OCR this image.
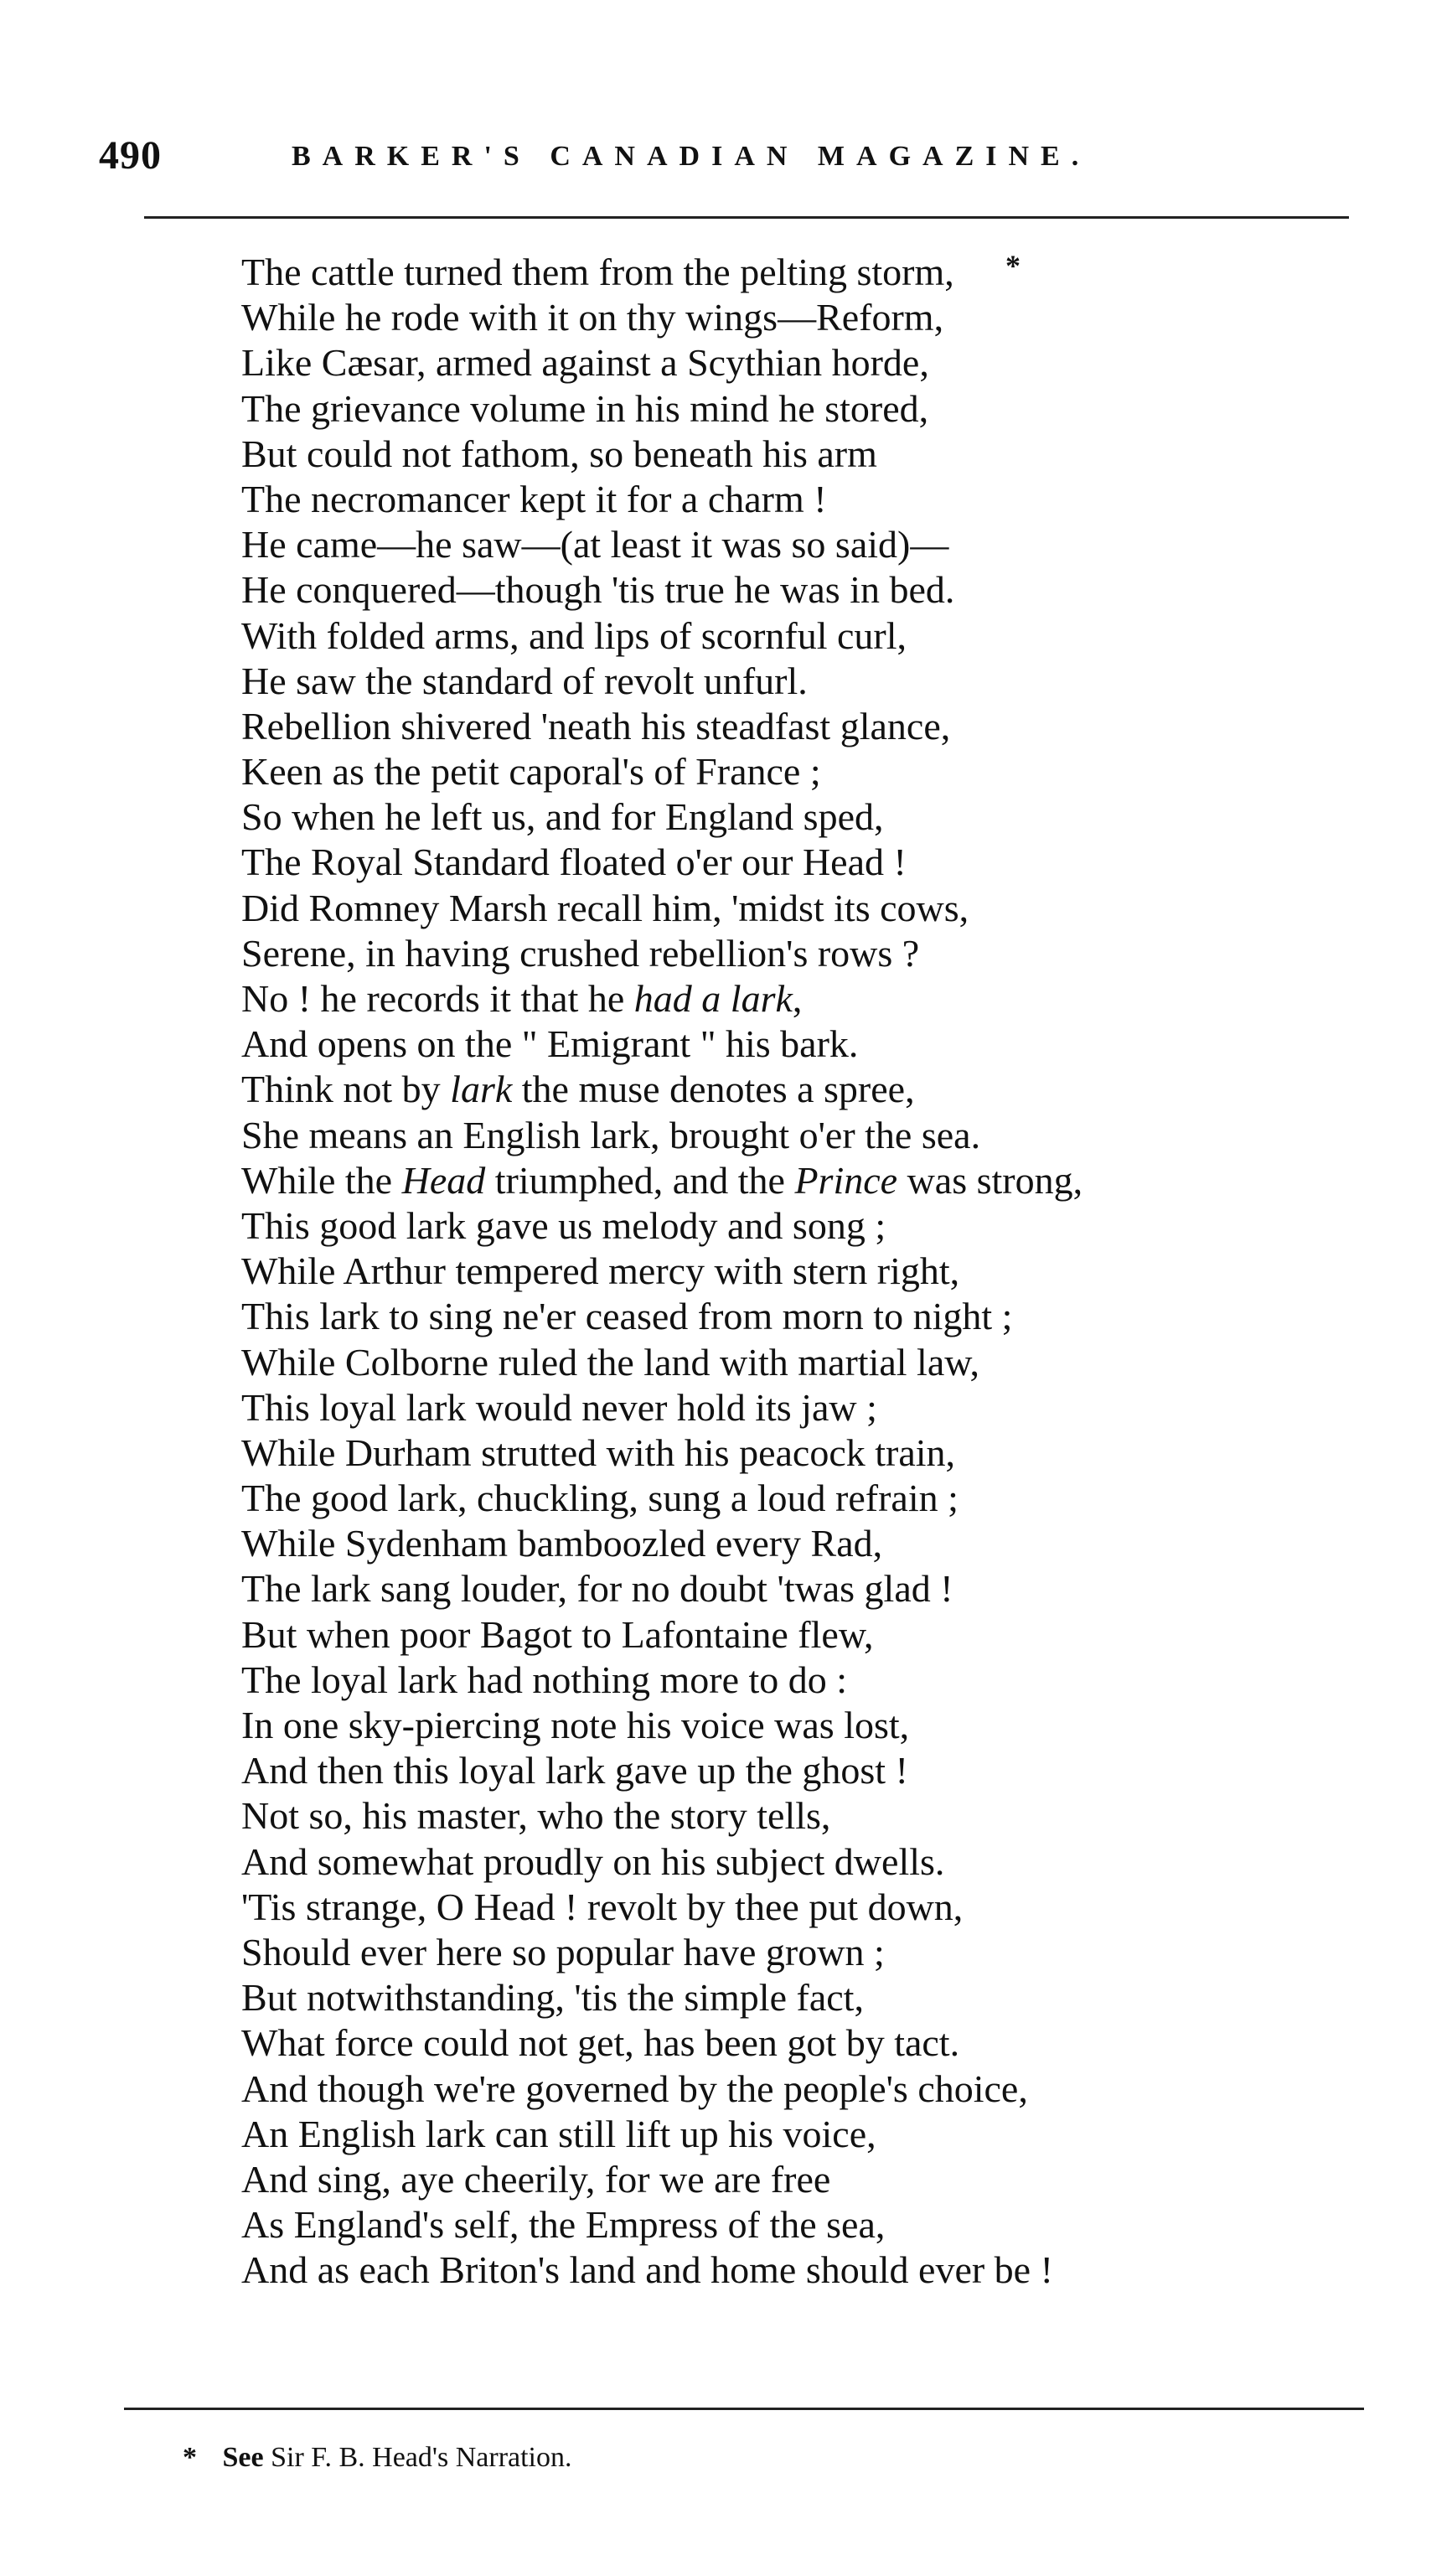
490	BARKER'S CANADIAN MAGAZINE.
*
The cattle turned them from the pelting storm,
While he rode with it on thy wings—Reform,
Like Cæsar, armed against a Scythian horde,
The grievance volume in his mind he stored,
But could not fathom, so beneath his arm
The necromancer kept it for a charm !
He came—he saw—(at least it was so said)—
He conquered—though 'tis true he was in bed.
With folded arms, and lips of scornful curl,
He saw the standard of revolt unfurl.
Rebellion shivered 'neath his steadfast glance,
Keen as the petit caporal's of France ;
So when he left us, and for England sped,
The Royal Standard floated o'er our Head !
Did Romney Marsh recall him, 'midst its cows,
Serene, in having crushed rebellion's rows ?
No ! he records it that he had a lark,
And opens on the " Emigrant " his bark.
Think not by lark the muse denotes a spree,
She means an English lark, brought o'er the sea.
While the Head triumphed, and the Prince was strong,
This good lark gave us melody and song ;
While Arthur tempered mercy with stern right,
This lark to sing ne'er ceased from morn to night ;
While Colborne ruled the land with martial law,
This loyal lark would never hold its jaw ;
While Durham strutted with his peacock train,
The good lark, chuckling, sung a loud refrain ;
While Sydenham bamboozled every Rad,
The lark sang louder, for no doubt 'twas glad !
But when poor Bagot to Lafontaine flew,
The loyal lark had nothing more to do :
In one sky-piercing note his voice was lost,
And then this loyal lark gave up the ghost !
Not so, his master, who the story tells,
And somewhat proudly on his subject dwells.
'Tis strange, O Head ! revolt by thee put down,
Should ever here so popular have grown ;
But notwithstanding, 'tis the simple fact,
What force could not get, has been got by tact.
And though we're governed by the people's choice,
An English lark can still lift up his voice,
And sing, aye cheerily, for we are free
As England's self, the Empress of the sea,
And as each Briton's land and home should ever be !
* See Sir F. B. Head's Narration.
